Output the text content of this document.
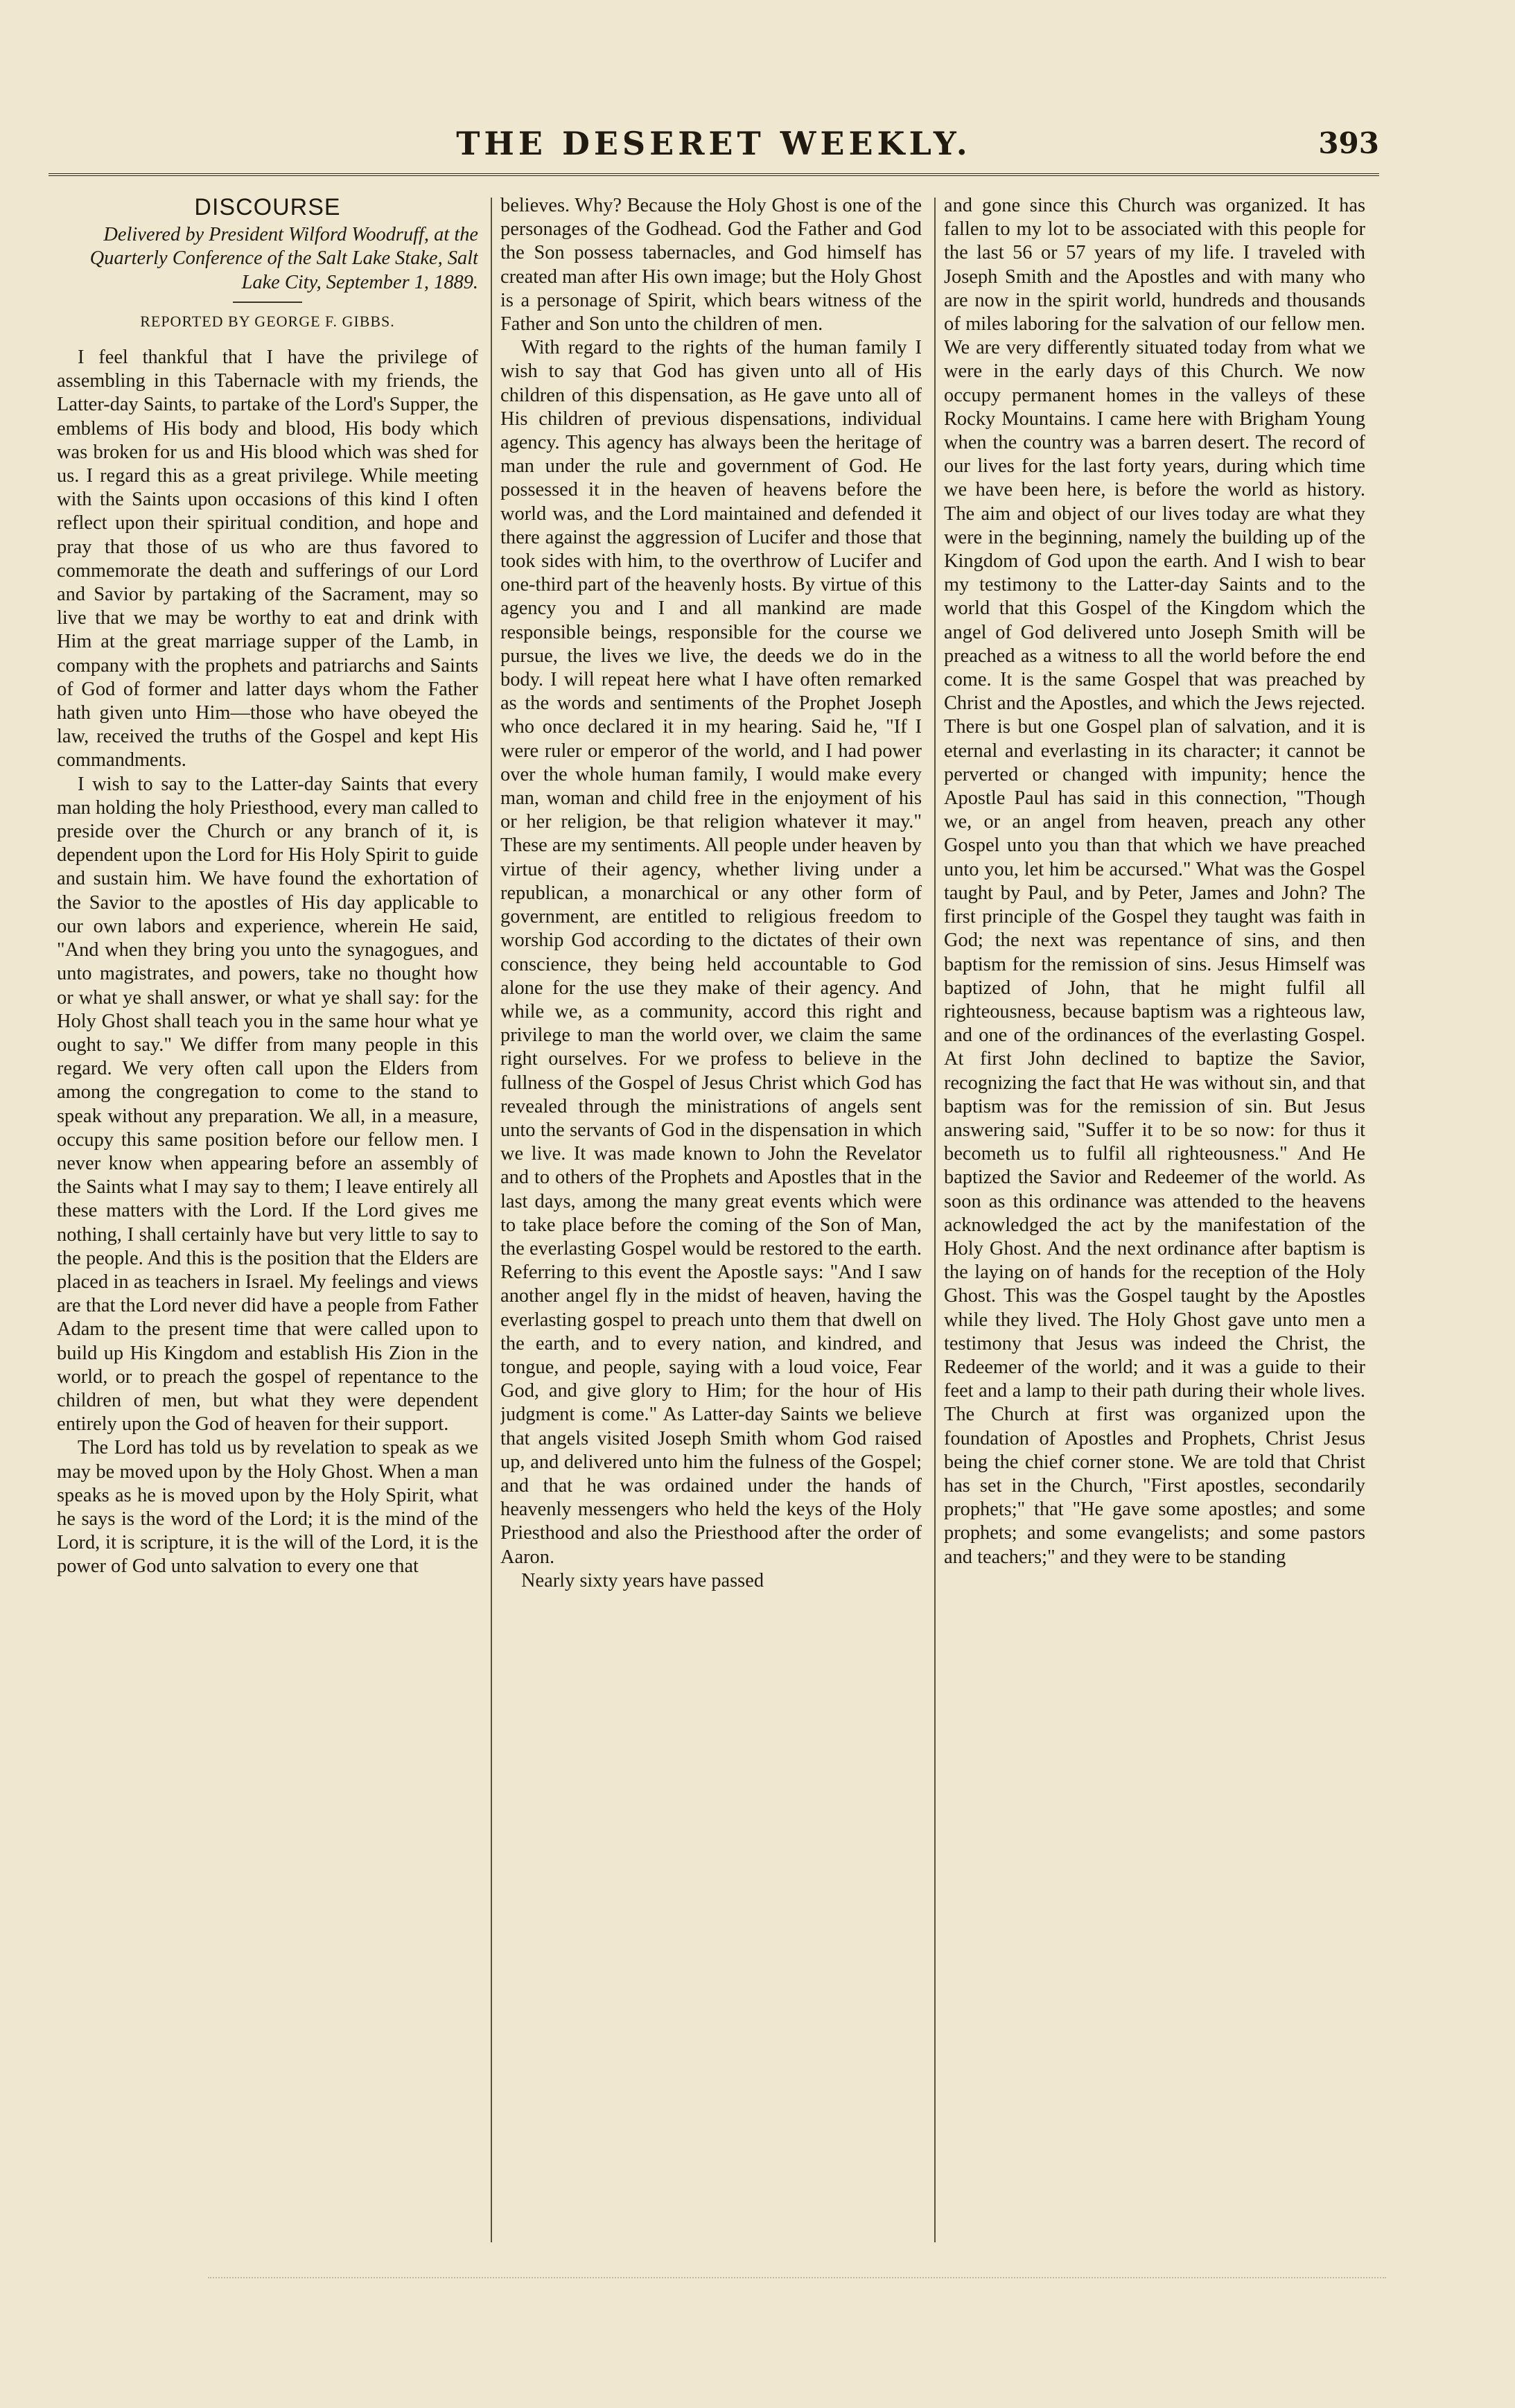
THE DESERET WEEKLY.	393
DISCOURSE

Delivered by President Wilford Woodruff, at the Quarterly Conference of the Salt Lake Stake, Salt Lake City, September 1, 1889.

REPORTED BY GEORGE F. GIBBS.

I feel thankful that I have the privilege of assembling in this Tabernacle with my friends, the Latter-day Saints, to partake of the Lord's Supper, the emblems of His body and blood, His body which was broken for us and His blood which was shed for us. I regard this as a great privilege. While meeting with the Saints upon occasions of this kind I often reflect upon their spiritual condition, and hope and pray that those of us who are thus favored to commemorate the death and sufferings of our Lord and Savior by partaking of the Sacrament, may so live that we may be worthy to eat and drink with Him at the great marriage supper of the Lamb, in company with the prophets and patriarchs and Saints of God of former and latter days whom the Father hath given unto Him—those who have obeyed the law, received the truths of the Gospel and kept His commandments.

I wish to say to the Latter-day Saints that every man holding the holy Priesthood, every man called to preside over the Church or any branch of it, is dependent upon the Lord for His Holy Spirit to guide and sustain him. We have found the exhortation of the Savior to the apostles of His day applicable to our own labors and experience, wherein He said, "And when they bring you unto the synagogues, and unto magistrates, and powers, take no thought how or what ye shall answer, or what ye shall say: for the Holy Ghost shall teach you in the same hour what ye ought to say." We differ from many people in this regard. We very often call upon the Elders from among the congregation to come to the stand to speak without any preparation. We all, in a measure, occupy this same position before our fellow men. I never know when appearing before an assembly of the Saints what I may say to them; I leave entirely all these matters with the Lord. If the Lord gives me nothing, I shall certainly have but very little to say to the people. And this is the position that the Elders are placed in as teachers in Israel. My feelings and views are that the Lord never did have a people from Father Adam to the present time that were called upon to build up His Kingdom and establish His Zion in the world, or to preach the gospel of repentance to the children of men, but what they were dependent entirely upon the God of heaven for their support.

The Lord has told us by revelation to speak as we may be moved upon by the Holy Ghost. When a man speaks as he is moved upon by the Holy Spirit, what he says is the word of the Lord; it is the mind of the Lord, it is scripture, it is the will of the Lord, it is the power of God unto salvation to every one that

believes. Why? Because the Holy Ghost is one of the personages of the Godhead. God the Father and God the Son possess tabernacles, and God himself has created man after His own image; but the Holy Ghost is a personage of Spirit, which bears witness of the Father and Son unto the children of men.

With regard to the rights of the human family I wish to say that God has given unto all of His children of this dispensation, as He gave unto all of His children of previous dispensations, individual agency. This agency has always been the heritage of man under the rule and government of God. He possessed it in the heaven of heavens before the world was, and the Lord maintained and defended it there against the aggression of Lucifer and those that took sides with him, to the overthrow of Lucifer and one-third part of the heavenly hosts. By virtue of this agency you and I and all mankind are made responsible beings, responsible for the course we pursue, the lives we live, the deeds we do in the body. I will repeat here what I have often remarked as the words and sentiments of the Prophet Joseph who once declared it in my hearing. Said he, "If I were ruler or emperor of the world, and I had power over the whole human family, I would make every man, woman and child free in the enjoyment of his or her religion, be that religion whatever it may." These are my sentiments. All people under heaven by virtue of their agency, whether living under a republican, a monarchical or any other form of government, are entitled to religious freedom to worship God according to the dictates of their own conscience, they being held accountable to God alone for the use they make of their agency. And while we, as a community, accord this right and privilege to man the world over, we claim the same right ourselves. For we profess to believe in the fullness of the Gospel of Jesus Christ which God has revealed through the ministrations of angels sent unto the servants of God in the dispensation in which we live. It was made known to John the Revelator and to others of the Prophets and Apostles that in the last days, among the many great events which were to take place before the coming of the Son of Man, the everlasting Gospel would be restored to the earth. Referring to this event the Apostle says: "And I saw another angel fly in the midst of heaven, having the everlasting gospel to preach unto them that dwell on the earth, and to every nation, and kindred, and tongue, and people, saying with a loud voice, Fear God, and give glory to Him; for the hour of His judgment is come." As Latter-day Saints we believe that angels visited Joseph Smith whom God raised up, and delivered unto him the fulness of the Gospel; and that he was ordained under the hands of heavenly messengers who held the keys of the Holy Priesthood and also the Priesthood after the order of Aaron.

Nearly sixty years have passed

and gone since this Church was organized. It has fallen to my lot to be associated with this people for the last 56 or 57 years of my life. I traveled with Joseph Smith and the Apostles and with many who are now in the spirit world, hundreds and thousands of miles laboring for the salvation of our fellow men. We are very differently situated today from what we were in the early days of this Church. We now occupy permanent homes in the valleys of these Rocky Mountains. I came here with Brigham Young when the country was a barren desert. The record of our lives for the last forty years, during which time we have been here, is before the world as history. The aim and object of our lives today are what they were in the beginning, namely the building up of the Kingdom of God upon the earth. And I wish to bear my testimony to the Latter-day Saints and to the world that this Gospel of the Kingdom which the angel of God delivered unto Joseph Smith will be preached as a witness to all the world before the end come. It is the same Gospel that was preached by Christ and the Apostles, and which the Jews rejected. There is but one Gospel plan of salvation, and it is eternal and everlasting in its character; it cannot be perverted or changed with impunity; hence the Apostle Paul has said in this connection, "Though we, or an angel from heaven, preach any other Gospel unto you than that which we have preached unto you, let him be accursed." What was the Gospel taught by Paul, and by Peter, James and John? The first principle of the Gospel they taught was faith in God; the next was repentance of sins, and then baptism for the remission of sins. Jesus Himself was baptized of John, that he might fulfil all righteousness, because baptism was a righteous law, and one of the ordinances of the everlasting Gospel. At first John declined to baptize the Savior, recognizing the fact that He was without sin, and that baptism was for the remission of sin. But Jesus answering said, "Suffer it to be so now: for thus it becometh us to fulfil all righteousness." And He baptized the Savior and Redeemer of the world. As soon as this ordinance was attended to the heavens acknowledged the act by the manifestation of the Holy Ghost. And the next ordinance after baptism is the laying on of hands for the reception of the Holy Ghost. This was the Gospel taught by the Apostles while they lived. The Holy Ghost gave unto men a testimony that Jesus was indeed the Christ, the Redeemer of the world; and it was a guide to their feet and a lamp to their path during their whole lives. The Church at first was organized upon the foundation of Apostles and Prophets, Christ Jesus being the chief corner stone. We are told that Christ has set in the Church, "First apostles, secondarily prophets;" that "He gave some apostles; and some prophets; and some evangelists; and some pastors and teachers;" and they were to be standing
